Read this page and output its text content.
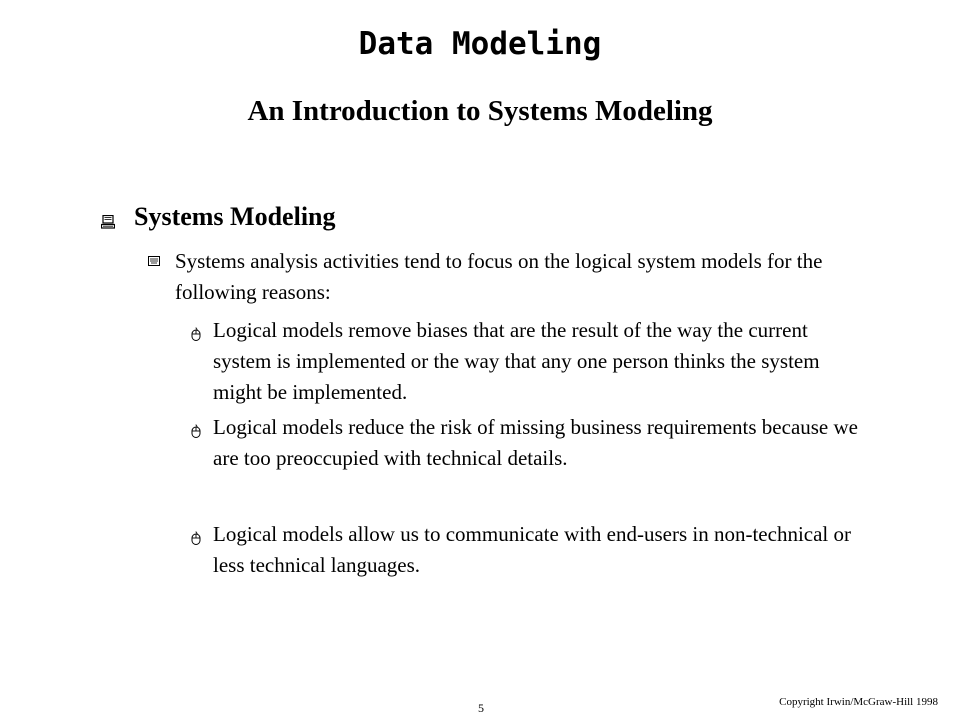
Data Modeling
An Introduction to Systems Modeling
Systems Modeling
Systems analysis activities tend to focus on the logical system models for the following reasons:
Logical models remove biases that are the result of the way the current system is implemented or the way that any one person thinks the system might be implemented.
Logical models reduce the risk of missing business requirements because we are too preoccupied with technical details.
Logical models allow us to communicate with end-users in non-technical or less technical languages.
5	Copyright Irwin/McGraw-Hill 1998
